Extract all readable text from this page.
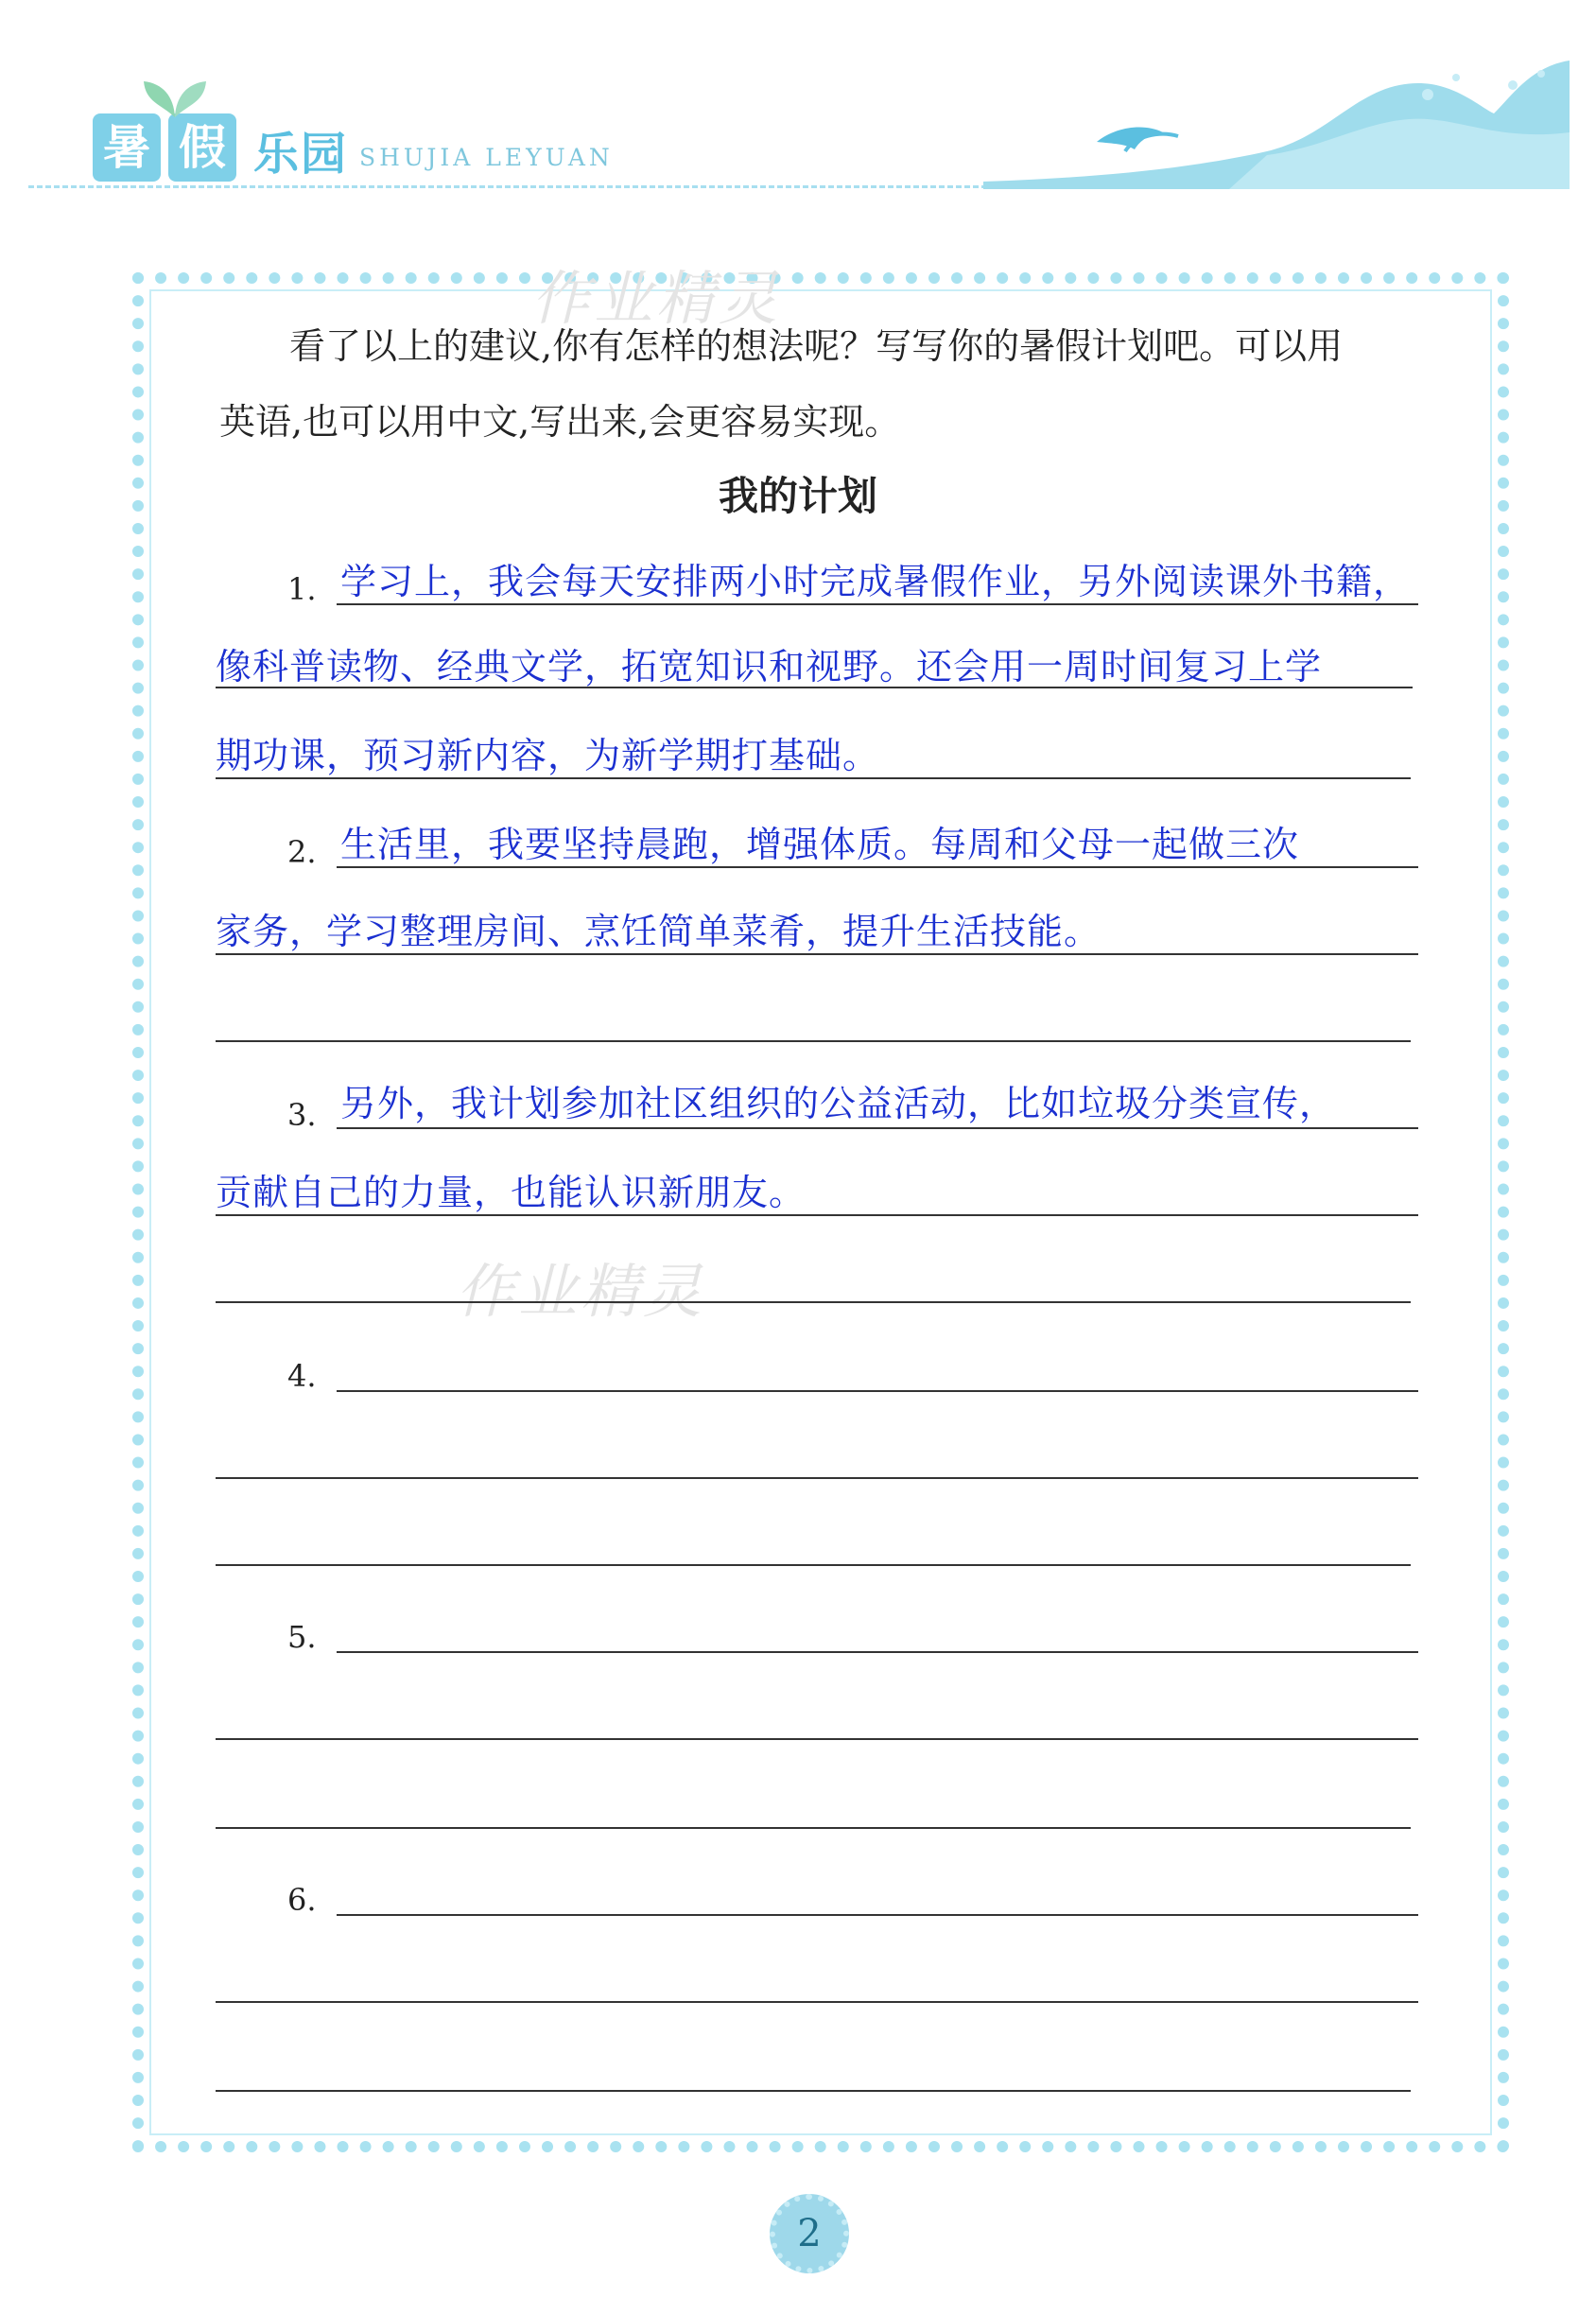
暑 假 乐园 SHUJIA LEYUAN
作业精灵
作业精灵
看了以上的建议,你有怎样的想法呢？写写你的暑假计划吧。可以用
英语,也可以用中文,写出来,会更容易实现。
我的计划
1. 学习上，我会每天安排两小时完成暑假作业，另外阅读课外书籍，
像科普读物、经典文学，拓宽知识和视野。还会用一周时间复习上学
期功课，预习新内容，为新学期打基础。
2. 生活里，我要坚持晨跑，增强体质。每周和父母一起做三次
家务，学习整理房间、烹饪简单菜肴，提升生活技能。
3. 另外，我计划参加社区组织的公益活动，比如垃圾分类宣传，
贡献自己的力量，也能认识新朋友。
4.
5.
6.
2
